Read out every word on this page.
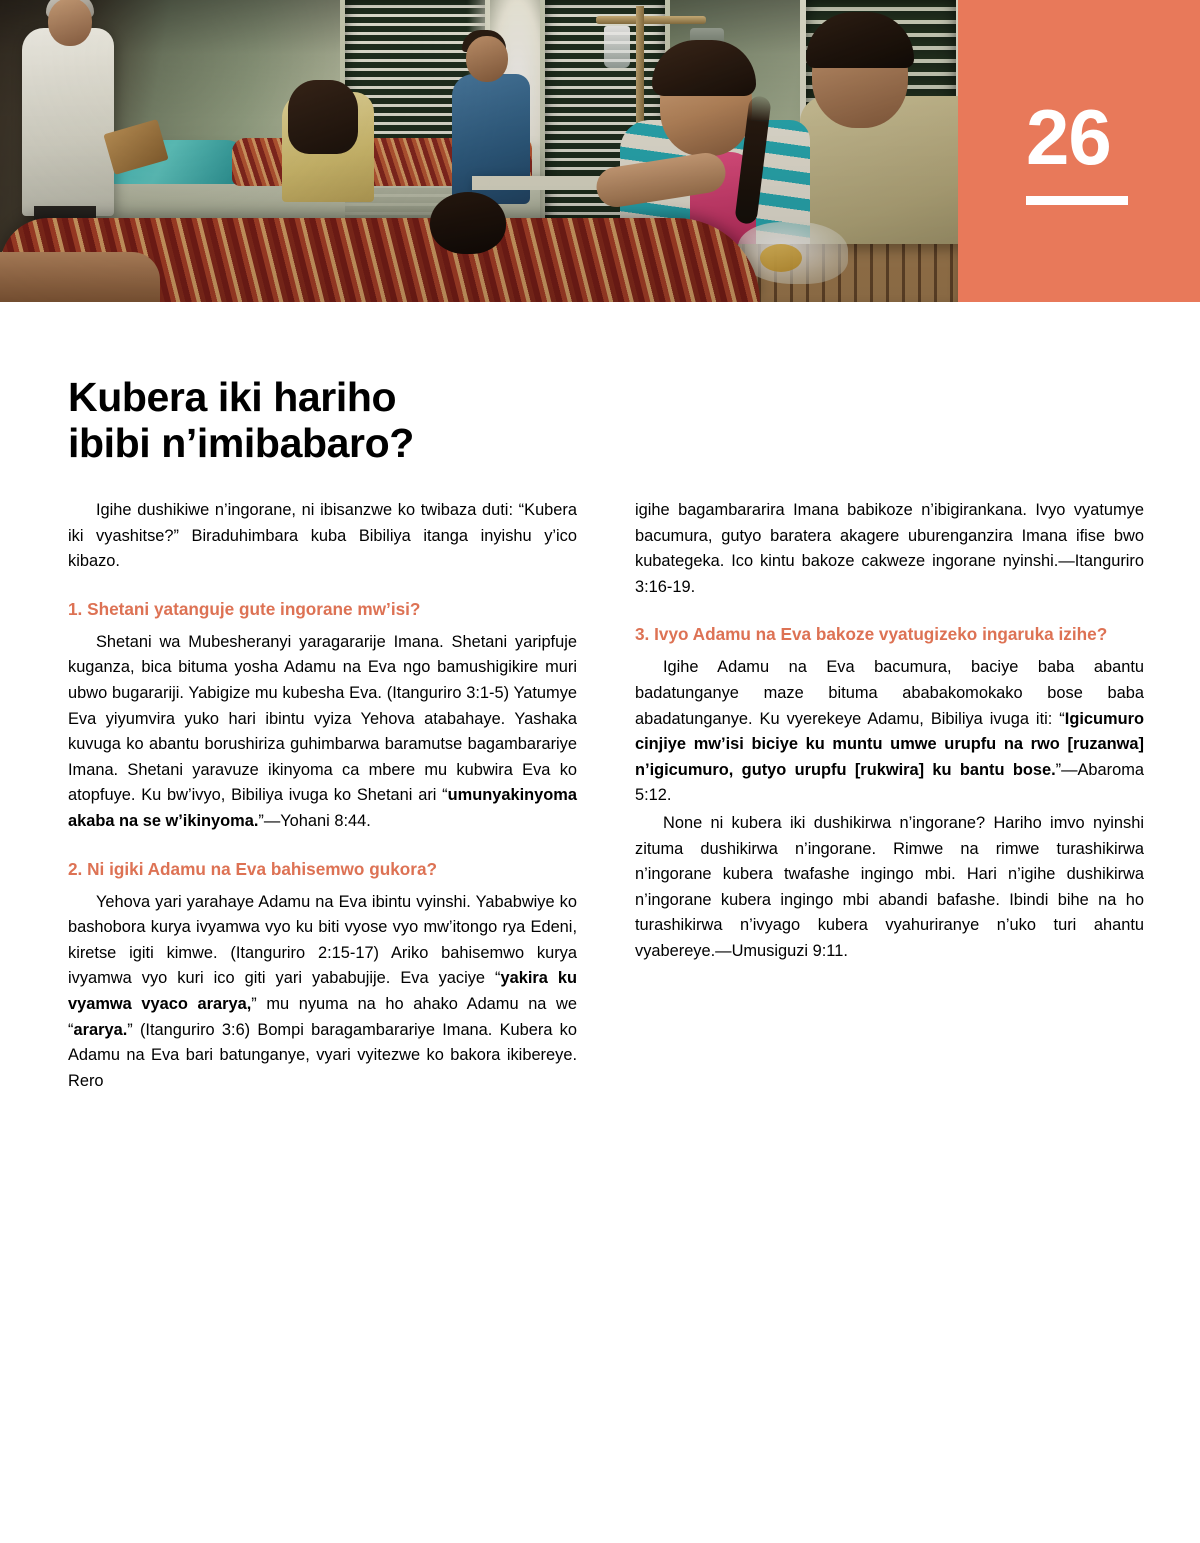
26
Kubera iki hariho
ibibi n’imibabaro?

Igihe dushikiwe n’ingorane, ni ibisanzwe ko twibaza duti: “Kubera iki vyashitse?” Biraduhimbara kuba Bibiliya itanga inyishu y’ico kibazo.

1. Shetani yatanguje gute ingorane mw’isi?

Shetani wa Mubesheranyi yaragararije Imana. Shetani yaripfuje kuganza, bica bituma yosha Adamu na Eva ngo bamushigikire muri ubwo bugarariji. Yabigize mu kubesha Eva. (Itanguriro 3:1-5) Yatumye Eva yiyumvira yuko hari ibintu vyiza Yehova atabahaye. Yashaka kuvuga ko abantu borushiriza guhimbarwa baramutse bagambarariye Imana. Shetani yaravuze ikinyoma ca mbere mu kubwira Eva ko atopfuye. Ku bw’ivyo, Bibiliya ivuga ko Shetani ari “umunyakinyoma akaba na se w’ikinyoma.”—Yohani 8:44.

2. Ni igiki Adamu na Eva bahisemwo gukora?

Yehova yari yarahaye Adamu na Eva ibintu vyinshi. Yababwiye ko bashobora kurya ivyamwa vyo ku biti vyose vyo mw’itongo rya Edeni, kiretse igiti kimwe. (Itanguriro 2:15-17) Ariko bahisemwo kurya ivyamwa vyo kuri ico giti yari yababujije. Eva yaciye “yakira ku vyamwa vyaco ararya,” mu nyuma na ho ahako Adamu na we “ararya.” (Itanguriro 3:6) Bompi baragambarariye Imana. Kubera ko Adamu na Eva bari batunganye, vyari vyitezwe ko bakora ikibereye. Rero

igihe bagambararira Imana babikoze n’ibigirankana. Ivyo vyatumye bacumura, gutyo baratera akagere uburenganzira Imana ifise bwo kubategeka. Ico kintu bakoze cakweze ingorane nyinshi.—Itanguriro 3:16-19.

3. Ivyo Adamu na Eva bakoze vyatugizeko ingaruka izihe?

Igihe Adamu na Eva bacumura, baciye baba abantu badatunganye maze bituma ababakomokako bose baba abadatunganye. Ku vyerekeye Adamu, Bibiliya ivuga iti: “Igicumuro cinjiye mw’isi biciye ku muntu umwe urupfu na rwo [ruzanwa] n’igicumuro, gutyo urupfu [rukwira] ku bantu bose.”—Abaroma 5:12.

None ni kubera iki dushikirwa n’ingorane? Hariho imvo nyinshi zituma dushikirwa n’ingorane. Rimwe na rimwe turashikirwa n’ingorane kubera twafashe ingingo mbi. Hari n’igihe dushikirwa n’ingorane kubera ingingo mbi abandi bafashe. Ibindi bihe na ho turashikirwa n’ivyago kubera vyahuriranye n’uko turi ahantu vyabereye.—Umusiguzi 9:11.
